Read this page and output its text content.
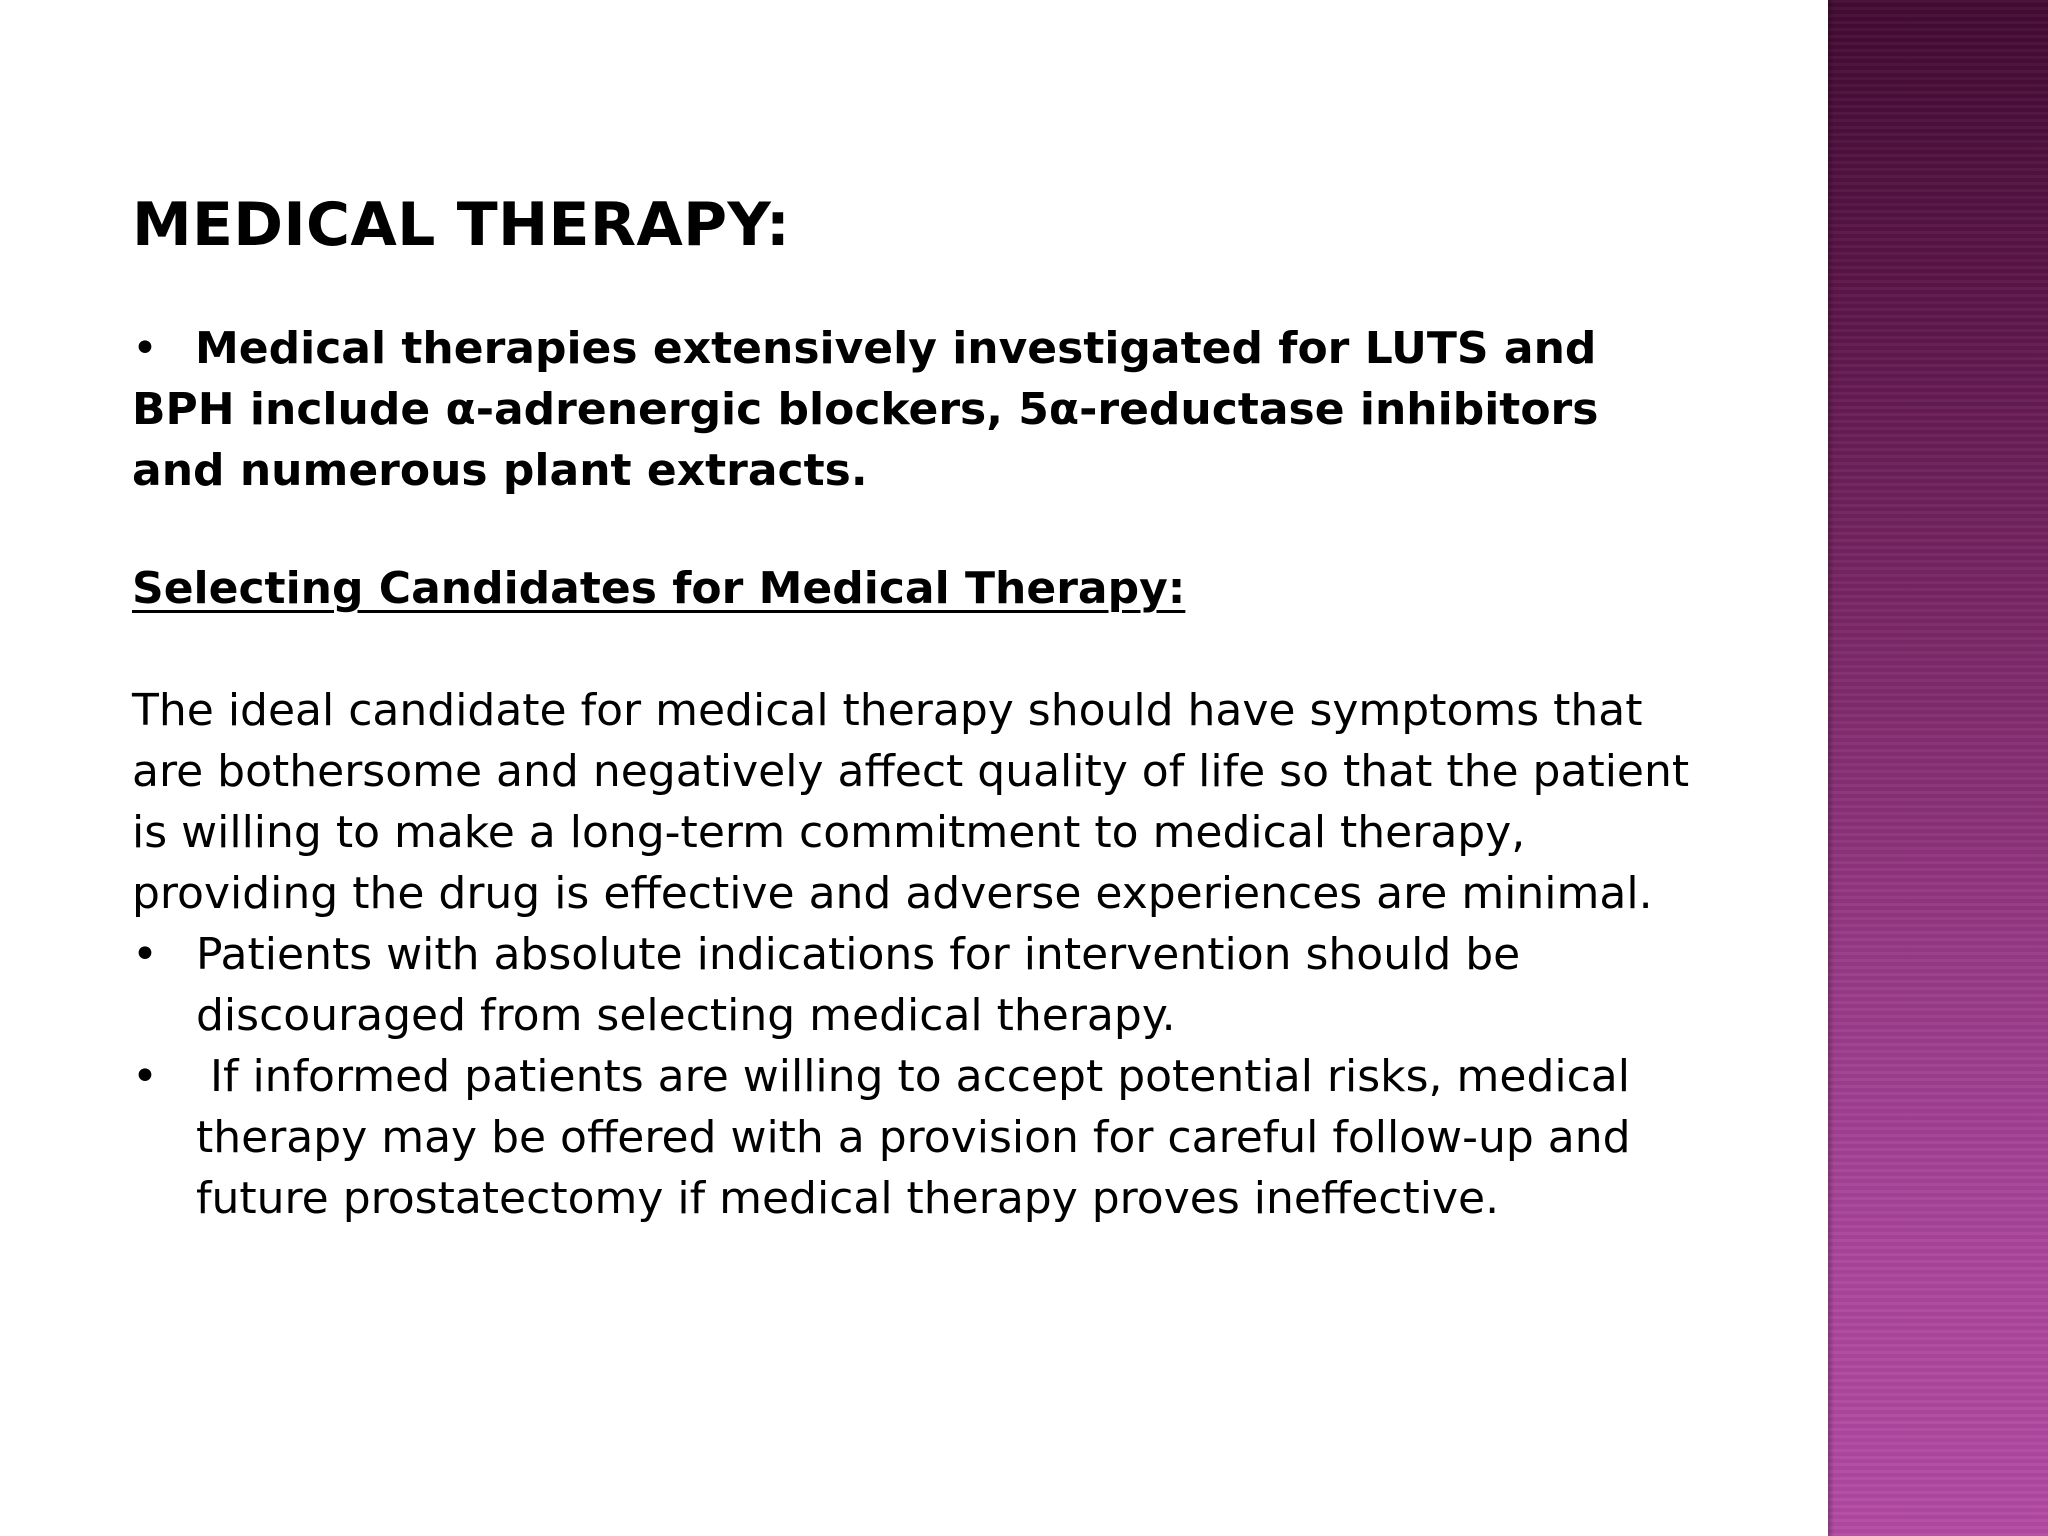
MEDICAL THERAPY:

• Medical therapies extensively investigated for LUTS and BPH include α-adrenergic blockers, 5α-reductase inhibitors and numerous plant extracts.

Selecting Candidates for Medical Therapy:

The ideal candidate for medical therapy should have symptoms that are bothersome and negatively affect quality of life so that the patient is willing to make a long-term commitment to medical therapy, providing the drug is effective and adverse experiences are minimal.

• Patients with absolute indications for intervention should be discouraged from selecting medical therapy.
• If informed patients are willing to accept potential risks, medical therapy may be offered with a provision for careful follow-up and future prostatectomy if medical therapy proves ineffective.
